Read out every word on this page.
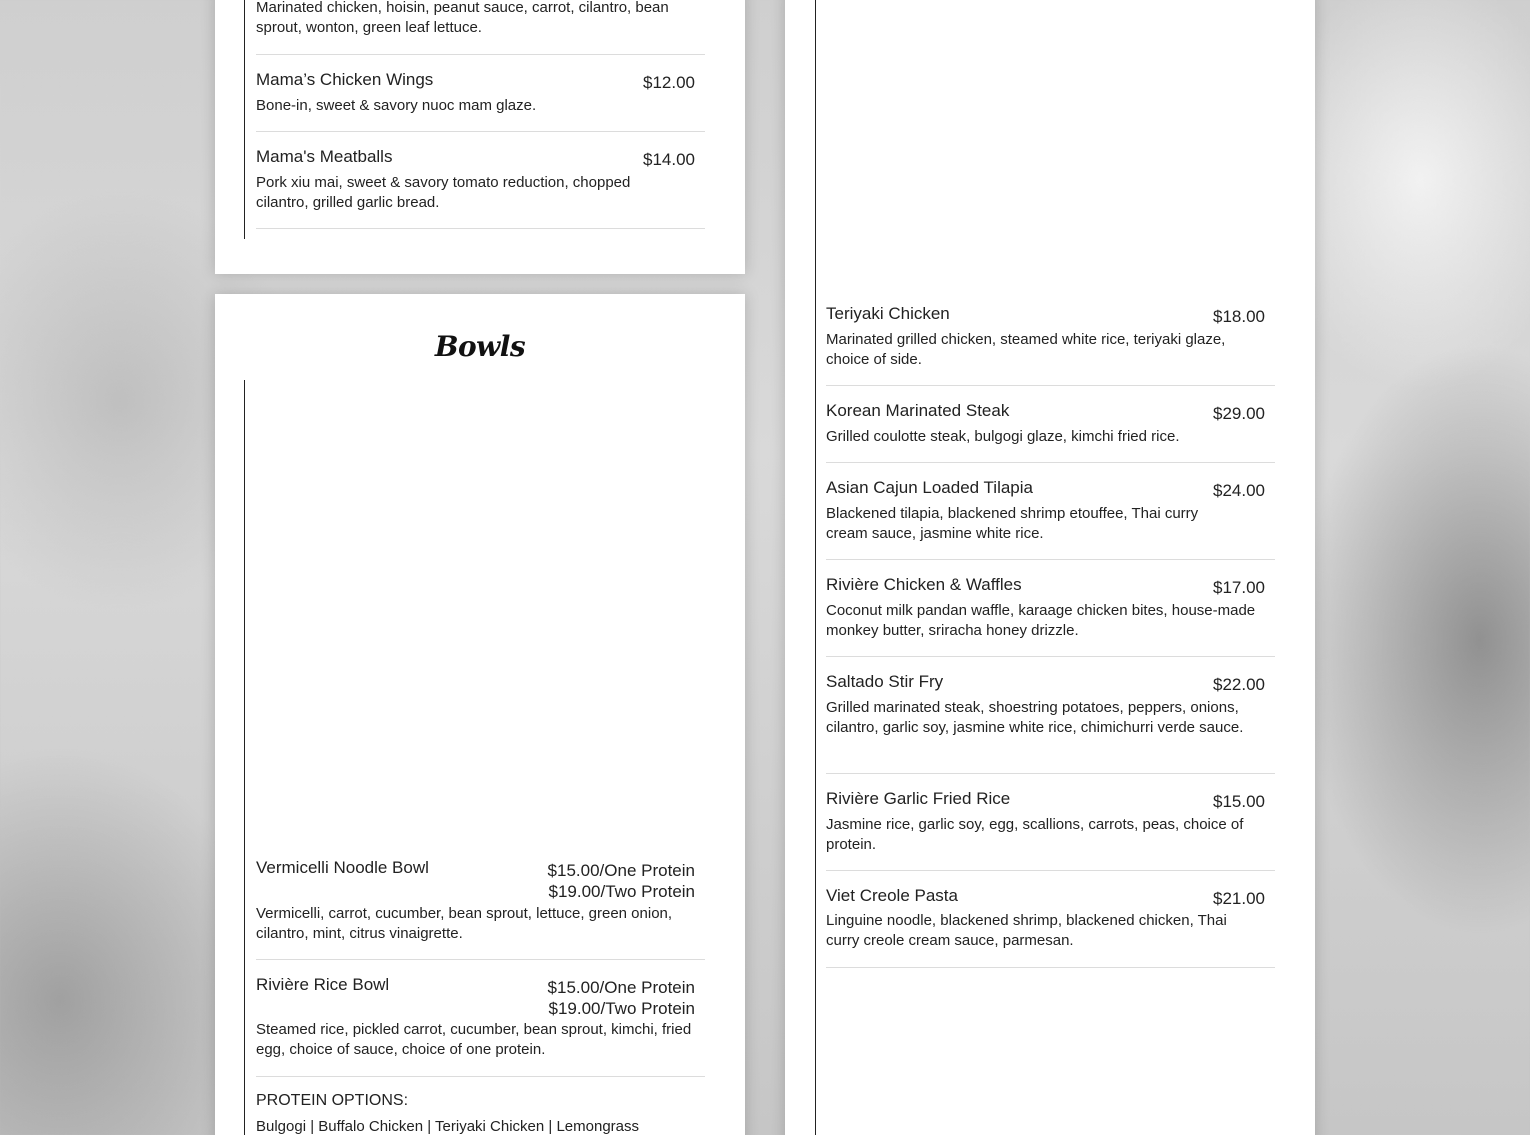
Marinated chicken, hoisin, peanut sauce, carrot, cilantro, bean sprout, wonton, green leaf lettuce.
Mama’s Chicken Wings	$12.00
Bone-in, sweet & savory nuoc mam glaze.
Mama's Meatballs	$14.00
Pork xiu mai, sweet & savory tomato reduction, chopped cilantro, grilled garlic bread.
Bowls
Vermicelli Noodle Bowl	$15.00/One Protein
$19.00/Two Protein
Vermicelli, carrot, cucumber, bean sprout, lettuce, green onion, cilantro, mint, citrus vinaigrette.
Rivière Rice Bowl	$15.00/One Protein
$19.00/Two Protein
Steamed rice, pickled carrot, cucumber, bean sprout, kimchi, fried egg, choice of sauce, choice of one protein.
PROTEIN OPTIONS:
Bulgogi | Buffalo Chicken | Teriyaki Chicken | Lemongrass
Teriyaki Chicken	$18.00
Marinated grilled chicken, steamed white rice, teriyaki glaze, choice of side.
Korean Marinated Steak	$29.00
Grilled coulotte steak, bulgogi glaze, kimchi fried rice.
Asian Cajun Loaded Tilapia	$24.00
Blackened tilapia, blackened shrimp etouffee, Thai curry cream sauce, jasmine white rice.
Rivière Chicken & Waffles	$17.00
Coconut milk pandan waffle, karaage chicken bites, house-made monkey butter, sriracha honey drizzle.
Saltado Stir Fry	$22.00
Grilled marinated steak, shoestring potatoes, peppers, onions, cilantro, garlic soy, jasmine white rice, chimichurri verde sauce.
Rivière Garlic Fried Rice	$15.00
Jasmine rice, garlic soy, egg, scallions, carrots, peas, choice of protein.
Viet Creole Pasta	$21.00
Linguine noodle, blackened shrimp, blackened chicken, Thai curry creole cream sauce, parmesan.
